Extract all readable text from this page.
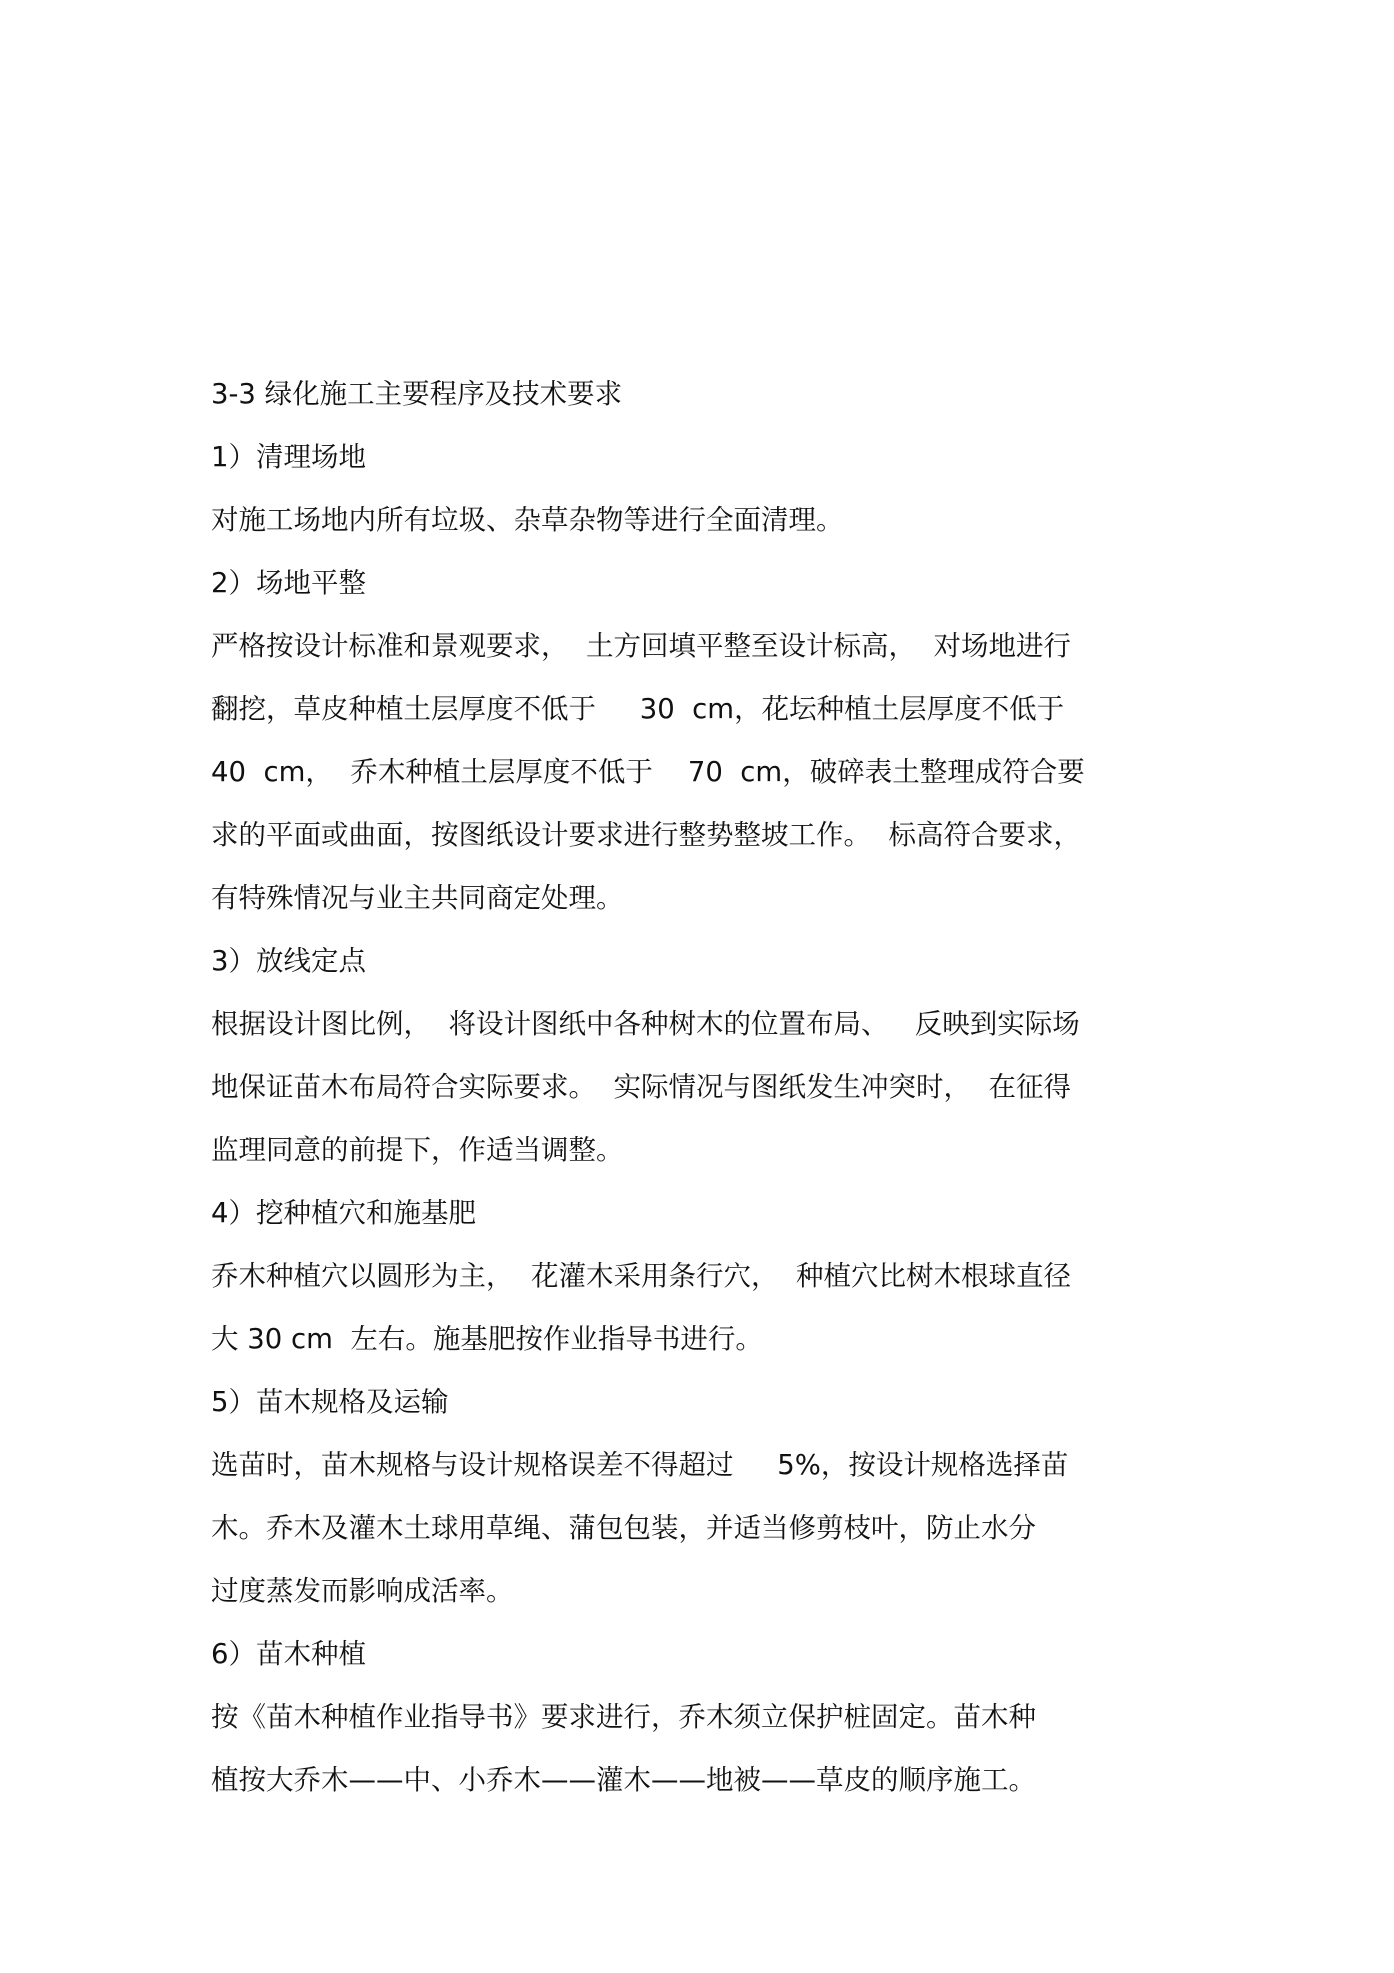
3-3 绿化施工主要程序及技术要求
1）清理场地
对施工场地内所有垃圾、杂草杂物等进行全面清理。
2）场地平整
严格按设计标准和景观要求，  土方回填平整至设计标高，  对场地进行
翻挖，草皮种植土层厚度不低于     30  cm，花坛种植土层厚度不低于
40  cm，  乔木种植土层厚度不低于    70  cm，破碎表土整理成符合要
求的平面或曲面，按图纸设计要求进行整势整坡工作。  标高符合要求，
有特殊情况与业主共同商定处理。
3）放线定点
根据设计图比例，  将设计图纸中各种树木的位置布局、   反映到实际场
地保证苗木布局符合实际要求。  实际情况与图纸发生冲突时，  在征得
监理同意的前提下，作适当调整。
4）挖种植穴和施基肥
乔木种植穴以圆形为主，  花灌木采用条行穴，  种植穴比树木根球直径
大 30 cm  左右。施基肥按作业指导书进行。
5）苗木规格及运输
选苗时，苗木规格与设计规格误差不得超过     5%，按设计规格选择苗
木。乔木及灌木土球用草绳、蒲包包装，并适当修剪枝叶，防止水分
过度蒸发而影响成活率。
6）苗木种植
按《苗木种植作业指导书》要求进行，乔木须立保护桩固定。苗木种
植按大乔木——中、小乔木——灌木——地被——草皮的顺序施工。
